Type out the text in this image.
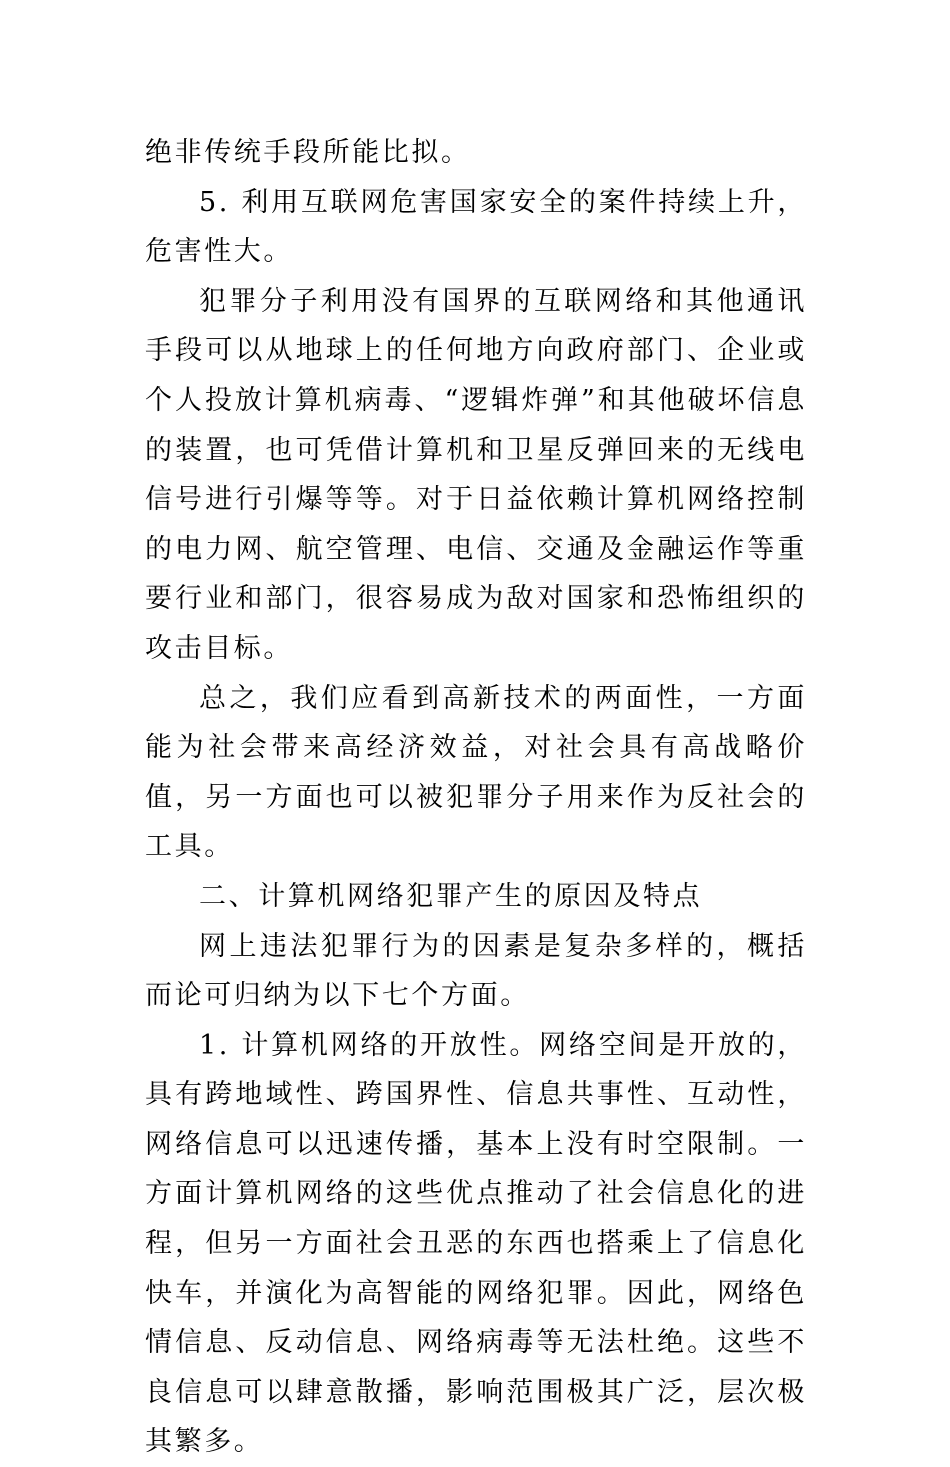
绝非传统手段所能比拟。

5. 利用互联网危害国家安全的案件持续上升，危害性大。

犯罪分子利用没有国界的互联网络和其他通讯手段可以从地球上的任何地方向政府部门、企业或个人投放计算机病毒、“逻辑炸弹”和其他破坏信息的装置，也可凭借计算机和卫星反弹回来的无线电信号进行引爆等等。对于日益依赖计算机网络控制的电力网、航空管理、电信、交通及金融运作等重要行业和部门，很容易成为敌对国家和恐怖组织的攻击目标。

总之，我们应看到高新技术的两面性，一方面能为社会带来高经济效益，对社会具有高战略价值，另一方面也可以被犯罪分子用来作为反社会的工具。

二、计算机网络犯罪产生的原因及特点

网上违法犯罪行为的因素是复杂多样的，概括而论可归纳为以下七个方面。

1. 计算机网络的开放性。网络空间是开放的，具有跨地域性、跨国界性、信息共事性、互动性，网络信息可以迅速传播，基本上没有时空限制。一方面计算机网络的这些优点推动了社会信息化的进程，但另一方面社会丑恶的东西也搭乘上了信息化快车，并演化为高智能的网络犯罪。因此，网络色情信息、反动信息、网络病毒等无法杜绝。这些不良信息可以肆意散播，影响范围极其广泛，层次极其繁多。
